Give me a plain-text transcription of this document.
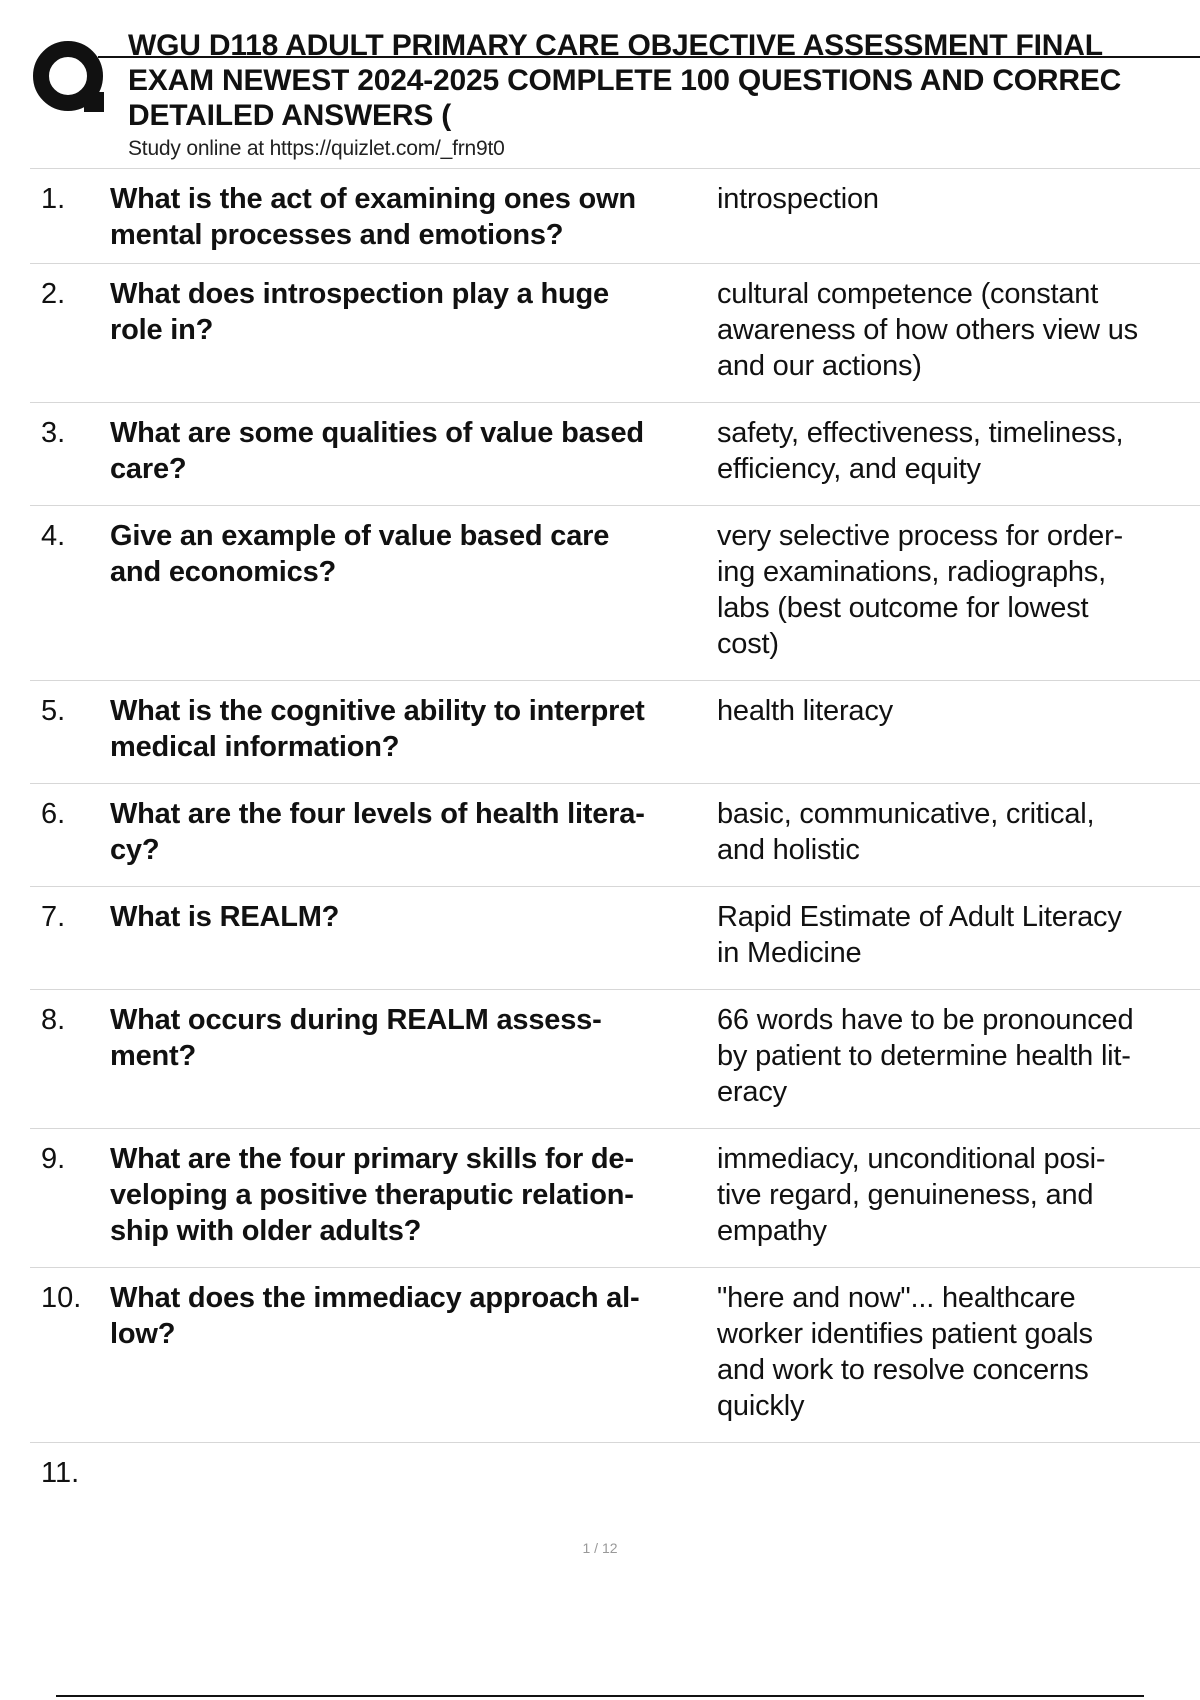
WGU D118 ADULT PRIMARY CARE OBJECTIVE ASSESSMENT FINAL
EXAM NEWEST 2024-2025 COMPLETE 100 QUESTIONS AND CORREC
DETAILED ANSWERS (
Study online at https://quizlet.com/_frn9t0
1. What is the act of examining ones own
mental processes and emotions?
introspection
2. What does introspection play a huge
role in?
cultural competence (constant
awareness of how others view us
and our actions)
3. What are some qualities of value based
care?
safety, effectiveness, timeliness,
efficiency, and equity
4. Give an example of value based care
and economics?
very selective process for order-
ing examinations, radiographs,
labs (best outcome for lowest
cost)
5. What is the cognitive ability to interpret
medical information?
health literacy
6. What are the four levels of health litera-
cy?
basic, communicative, critical,
and holistic
7. What is REALM?	Rapid Estimate of Adult Literacy
in Medicine
8. What occurs during REALM assess-
ment?
66 words have to be pronounced
by patient to determine health lit-
eracy
9. What are the four primary skills for de-
veloping a positive theraputic relation-
ship with older adults?
immediacy, unconditional posi-
tive regard, genuineness, and
empathy
10. What does the immediacy approach al-
low?
"here and now"... healthcare
worker identifies patient goals
and work to resolve concerns
quickly
11.
1 / 12
